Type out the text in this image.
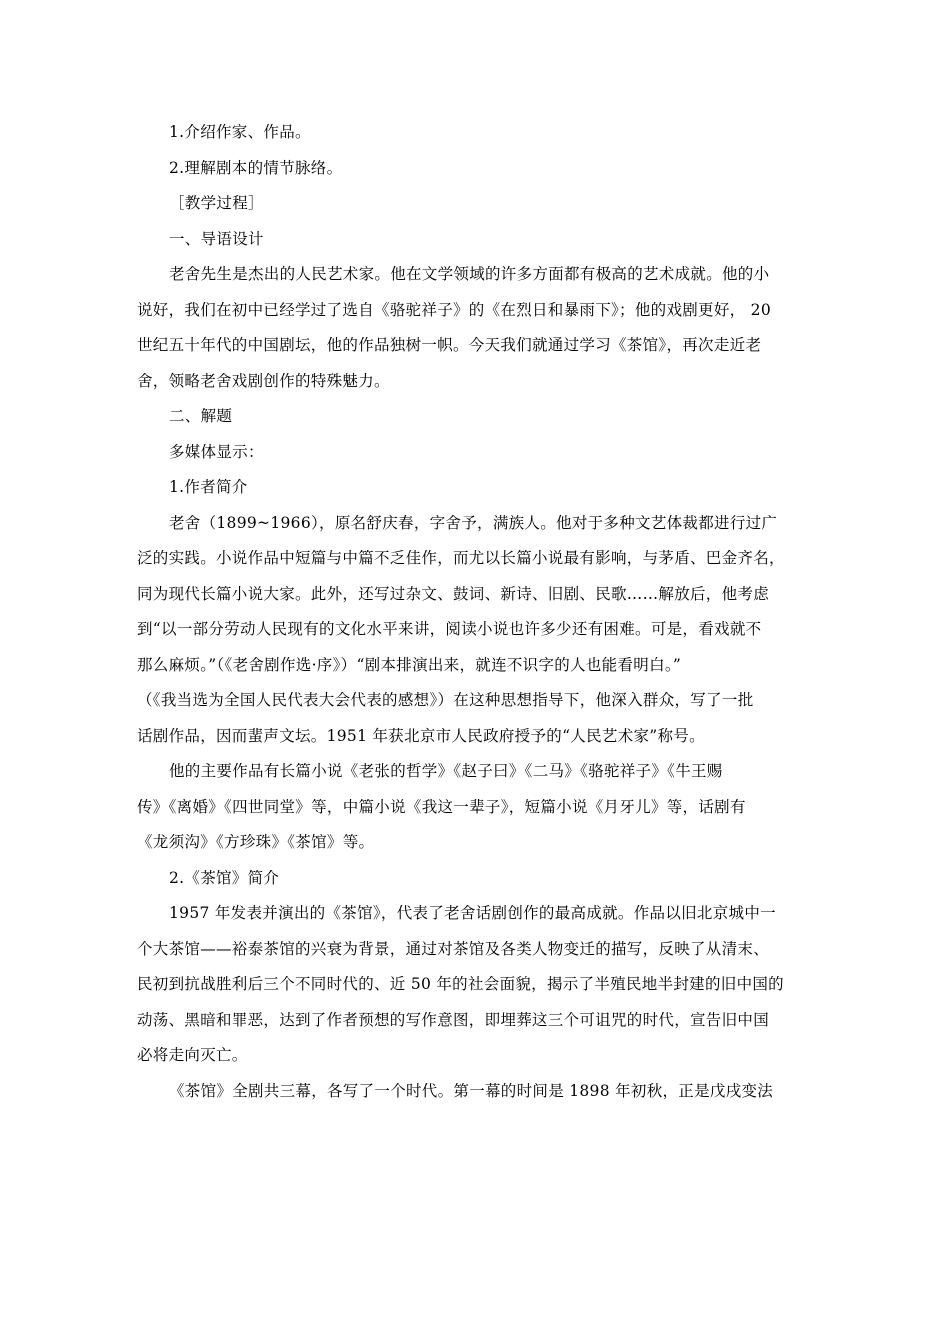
1.介绍作家、作品。

2.理解剧本的情节脉络。

［教学过程］

一、导语设计

老舍先生是杰出的人民艺术家。他在文学领域的许多方面都有极高的艺术成就。他的小

说好，我们在初中已经学过了选自《骆驼祥子》的《在烈日和暴雨下》；他的戏剧更好， 20

世纪五十年代的中国剧坛，他的作品独树一帜。今天我们就通过学习《茶馆》，再次走近老

舍，领略老舍戏剧创作的特殊魅力。

二、解题

多媒体显示：

1.作者简介

老舍（1899~1966），原名舒庆春，字舍予，满族人。他对于多种文艺体裁都进行过广

泛的实践。小说作品中短篇与中篇不乏佳作，而尤以长篇小说最有影响，与茅盾、巴金齐名，

同为现代长篇小说大家。此外，还写过杂文、鼓词、新诗、旧剧、民歌……解放后，他考虑

到“以一部分劳动人民现有的文化水平来讲，阅读小说也许多少还有困难。可是，看戏就不

那么麻烦。”（《老舍剧作选·序》）“剧本排演出来，就连不识字的人也能看明白。”

（《我当选为全国人民代表大会代表的感想》）在这种思想指导下，他深入群众，写了一批

话剧作品，因而蜚声文坛。1951 年获北京市人民政府授予的“人民艺术家”称号。

他的主要作品有长篇小说《老张的哲学》《赵子曰》《二马》《骆驼祥子》《牛王赐

传》《离婚》《四世同堂》等，中篇小说《我这一辈子》，短篇小说《月牙儿》等，话剧有

《龙须沟》《方珍珠》《茶馆》等。

2.《茶馆》简介

1957 年发表并演出的《茶馆》，代表了老舍话剧创作的最高成就。作品以旧北京城中一

个大茶馆——裕泰茶馆的兴衰为背景，通过对茶馆及各类人物变迁的描写，反映了从清末、

民初到抗战胜利后三个不同时代的、近 50 年的社会面貌，揭示了半殖民地半封建的旧中国的

动荡、黑暗和罪恶，达到了作者预想的写作意图，即埋葬这三个可诅咒的时代，宣告旧中国

必将走向灭亡。

《茶馆》全剧共三幕，各写了一个时代。第一幕的时间是 1898 年初秋，正是戊戌变法
